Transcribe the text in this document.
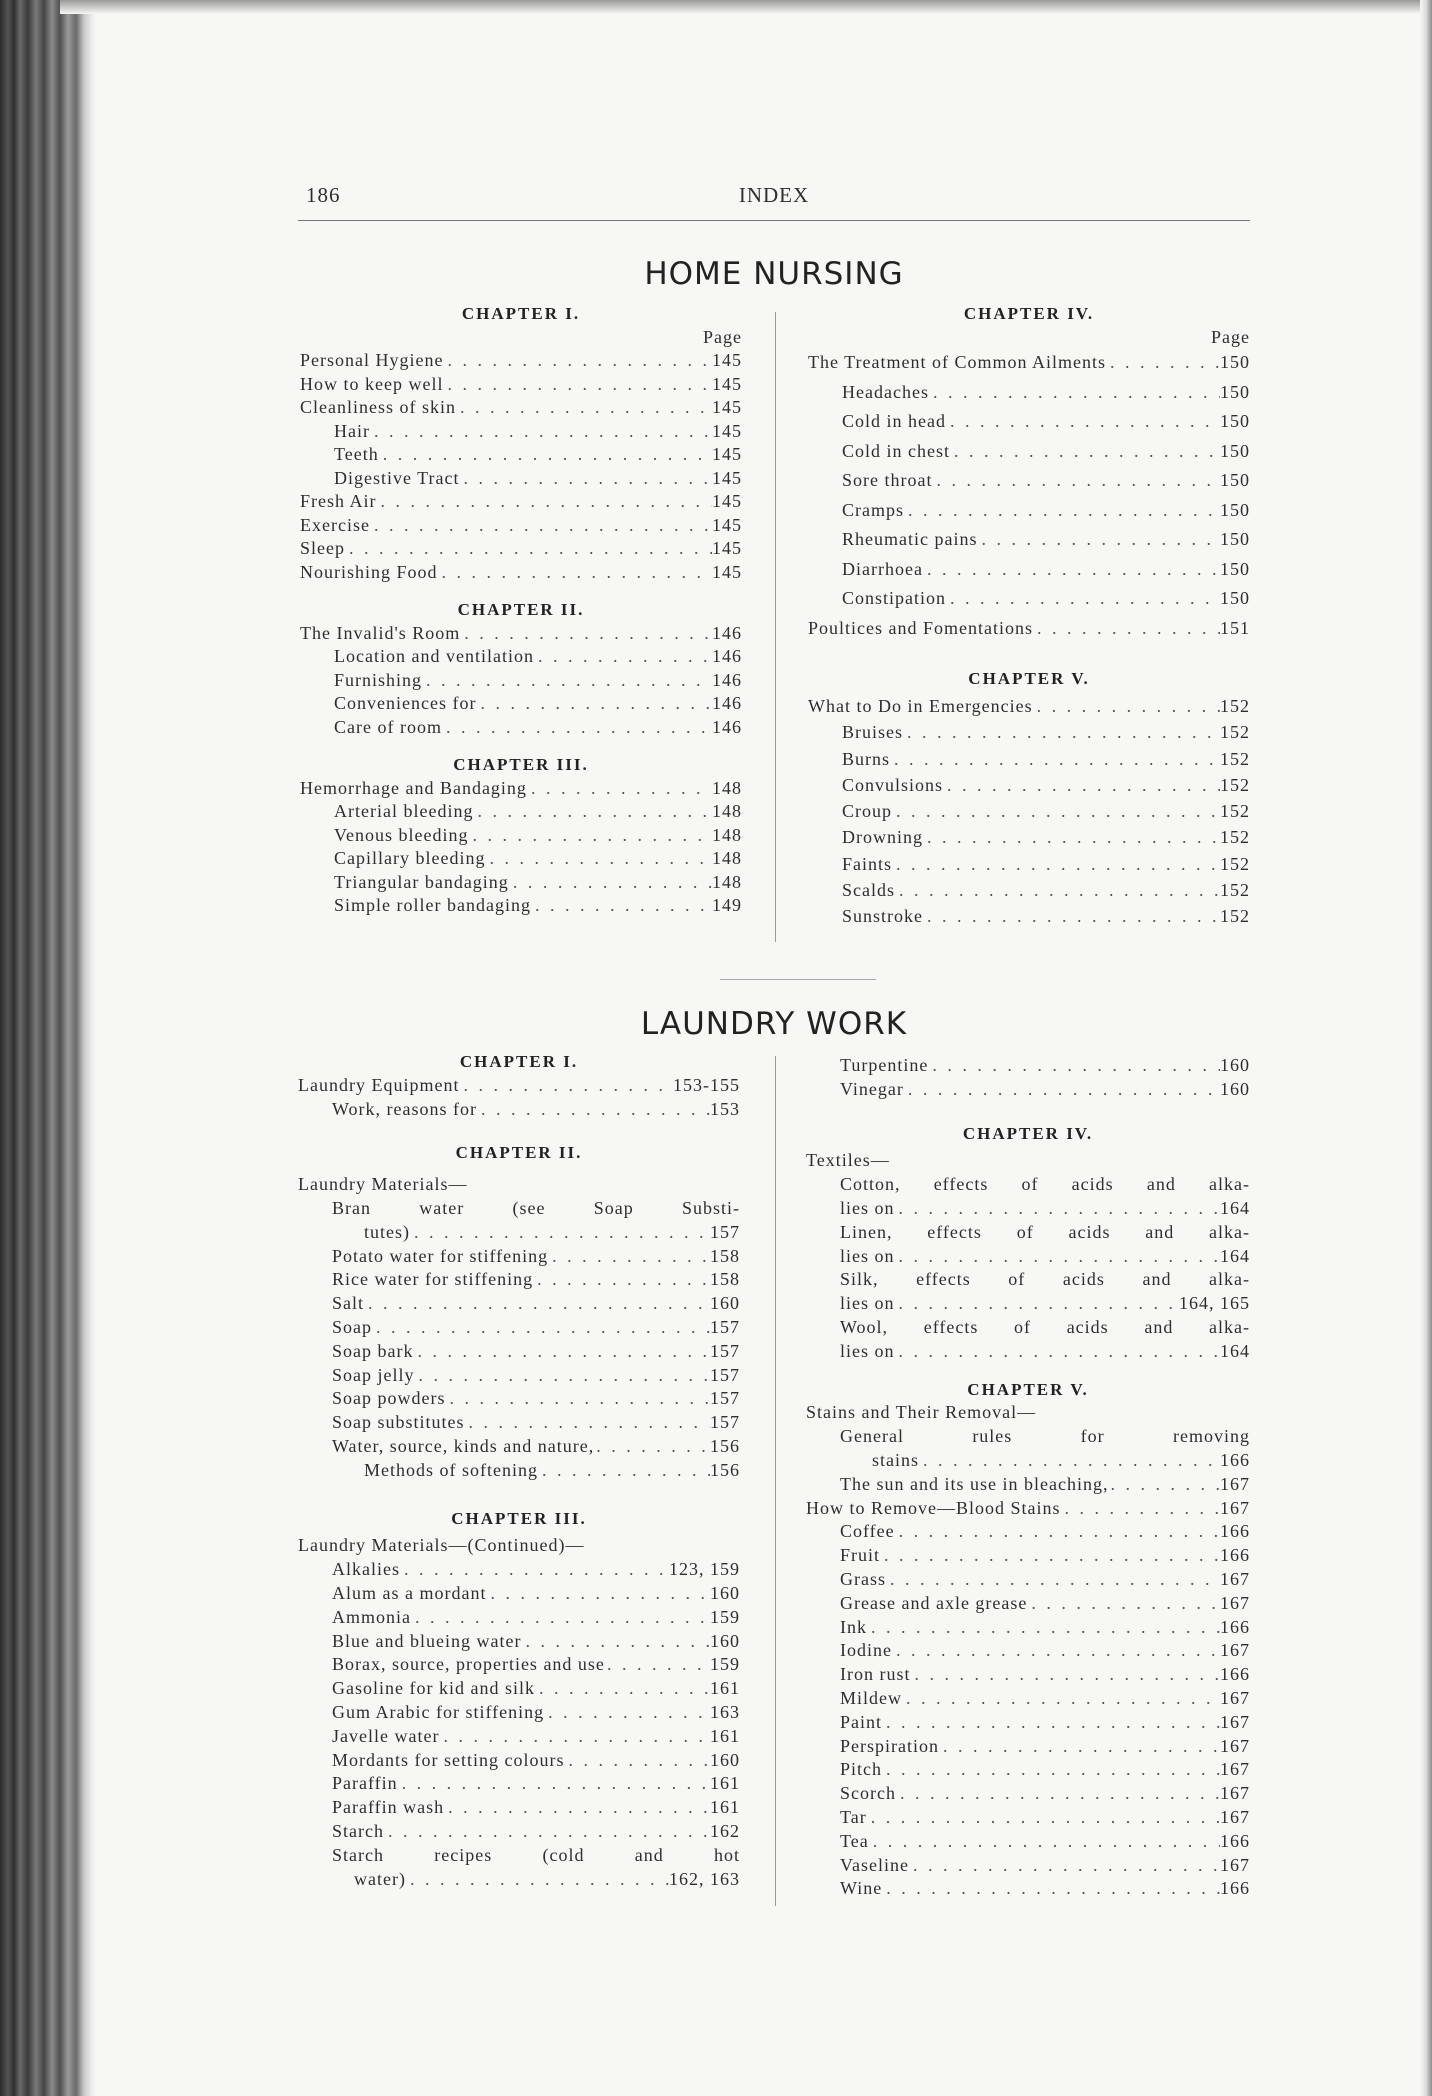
186	INDEX
HOME NURSING
CHAPTER I.
Page
Personal Hygiene . . .	145
How to keep well . . .	145
Cleanliness of skin . . .	145
Hair . . .	145
Teeth . . .	145
Digestive Tract . . .	145
Fresh Air . . .	145
Exercise . . .	145
Sleep . . .	145
Nourishing Food . . .	145
CHAPTER II.
The Invalid's Room . . .	146
Location and ventilation . . .	146
Furnishing . . .	146
Conveniences for . . .	146
Care of room . . .	146
CHAPTER III.
Hemorrhage and Bandaging . . .	148
Arterial bleeding . . .	148
Venous bleeding . . .	148
Capillary bleeding . . .	148
Triangular bandaging . . .	148
Simple roller bandaging . . .	149
CHAPTER IV.
Page
The Treatment of Common Ailments . . .	150
Headaches . . .	150
Cold in head . . .	150
Cold in chest . . .	150
Sore throat . . .	150
Cramps . . .	150
Rheumatic pains . . .	150
Diarrhoea . . .	150
Constipation . . .	150
Poultices and Fomentations . . .	151
CHAPTER V.
What to Do in Emergencies . . .	152
Bruises . . .	152
Burns . . .	152
Convulsions . . .	152
Croup . . .	152
Drowning . . .	152
Faints . . .	152
Scalds . . .	152
Sunstroke . . .	152
LAUNDRY WORK
CHAPTER I.
Laundry Equipment . . .	153-155
Work, reasons for . . .	153
CHAPTER II.
Laundry Materials—
Bran water (see Soap Substi-
tutes) . . .	157
Potato water for stiffening . . .	158
Rice water for stiffening . . .	158
Salt . . .	160
Soap . . .	157
Soap bark . . .	157
Soap jelly . . .	157
Soap powders . . .	157
Soap substitutes . . .	157
Water, source, kinds and nature, . . .	156
Methods of softening . . .	156
CHAPTER III.
Laundry Materials—(Continued)—
Alkalies . . .	123, 159
Alum as a mordant . . .	160
Ammonia . . .	159
Blue and blueing water . . .	160
Borax, source, properties and use . . .	159
Gasoline for kid and silk . . .	161
Gum Arabic for stiffening . . .	163
Javelle water . . .	161
Mordants for setting colours . . .	160
Paraffin . . .	161
Paraffin wash . . .	161
Starch . . .	162
Starch recipes (cold and hot
water) . . .	162, 163
Turpentine . . .	160
Vinegar . . .	160
CHAPTER IV.
Textiles—
Cotton, effects of acids and alka-
lies on . . .	164
Linen, effects of acids and alka-
lies on . . .	164
Silk, effects of acids and alka-
lies on . . .	164, 165
Wool, effects of acids and alka-
lies on . . .	164
CHAPTER V.
Stains and Their Removal—
General rules for removing
stains . . .	166
The sun and its use in bleaching, . . .	167
How to Remove—Blood Stains . . .	167
Coffee . . .	166
Fruit . . .	166
Grass . . .	167
Grease and axle grease . . .	167
Ink . . .	166
Iodine . . .	167
Iron rust . . .	166
Mildew . . .	167
Paint . . .	167
Perspiration . . .	167
Pitch . . .	167
Scorch . . .	167
Tar . . .	167
Tea . . .	166
Vaseline . . .	167
Wine . . .	166
